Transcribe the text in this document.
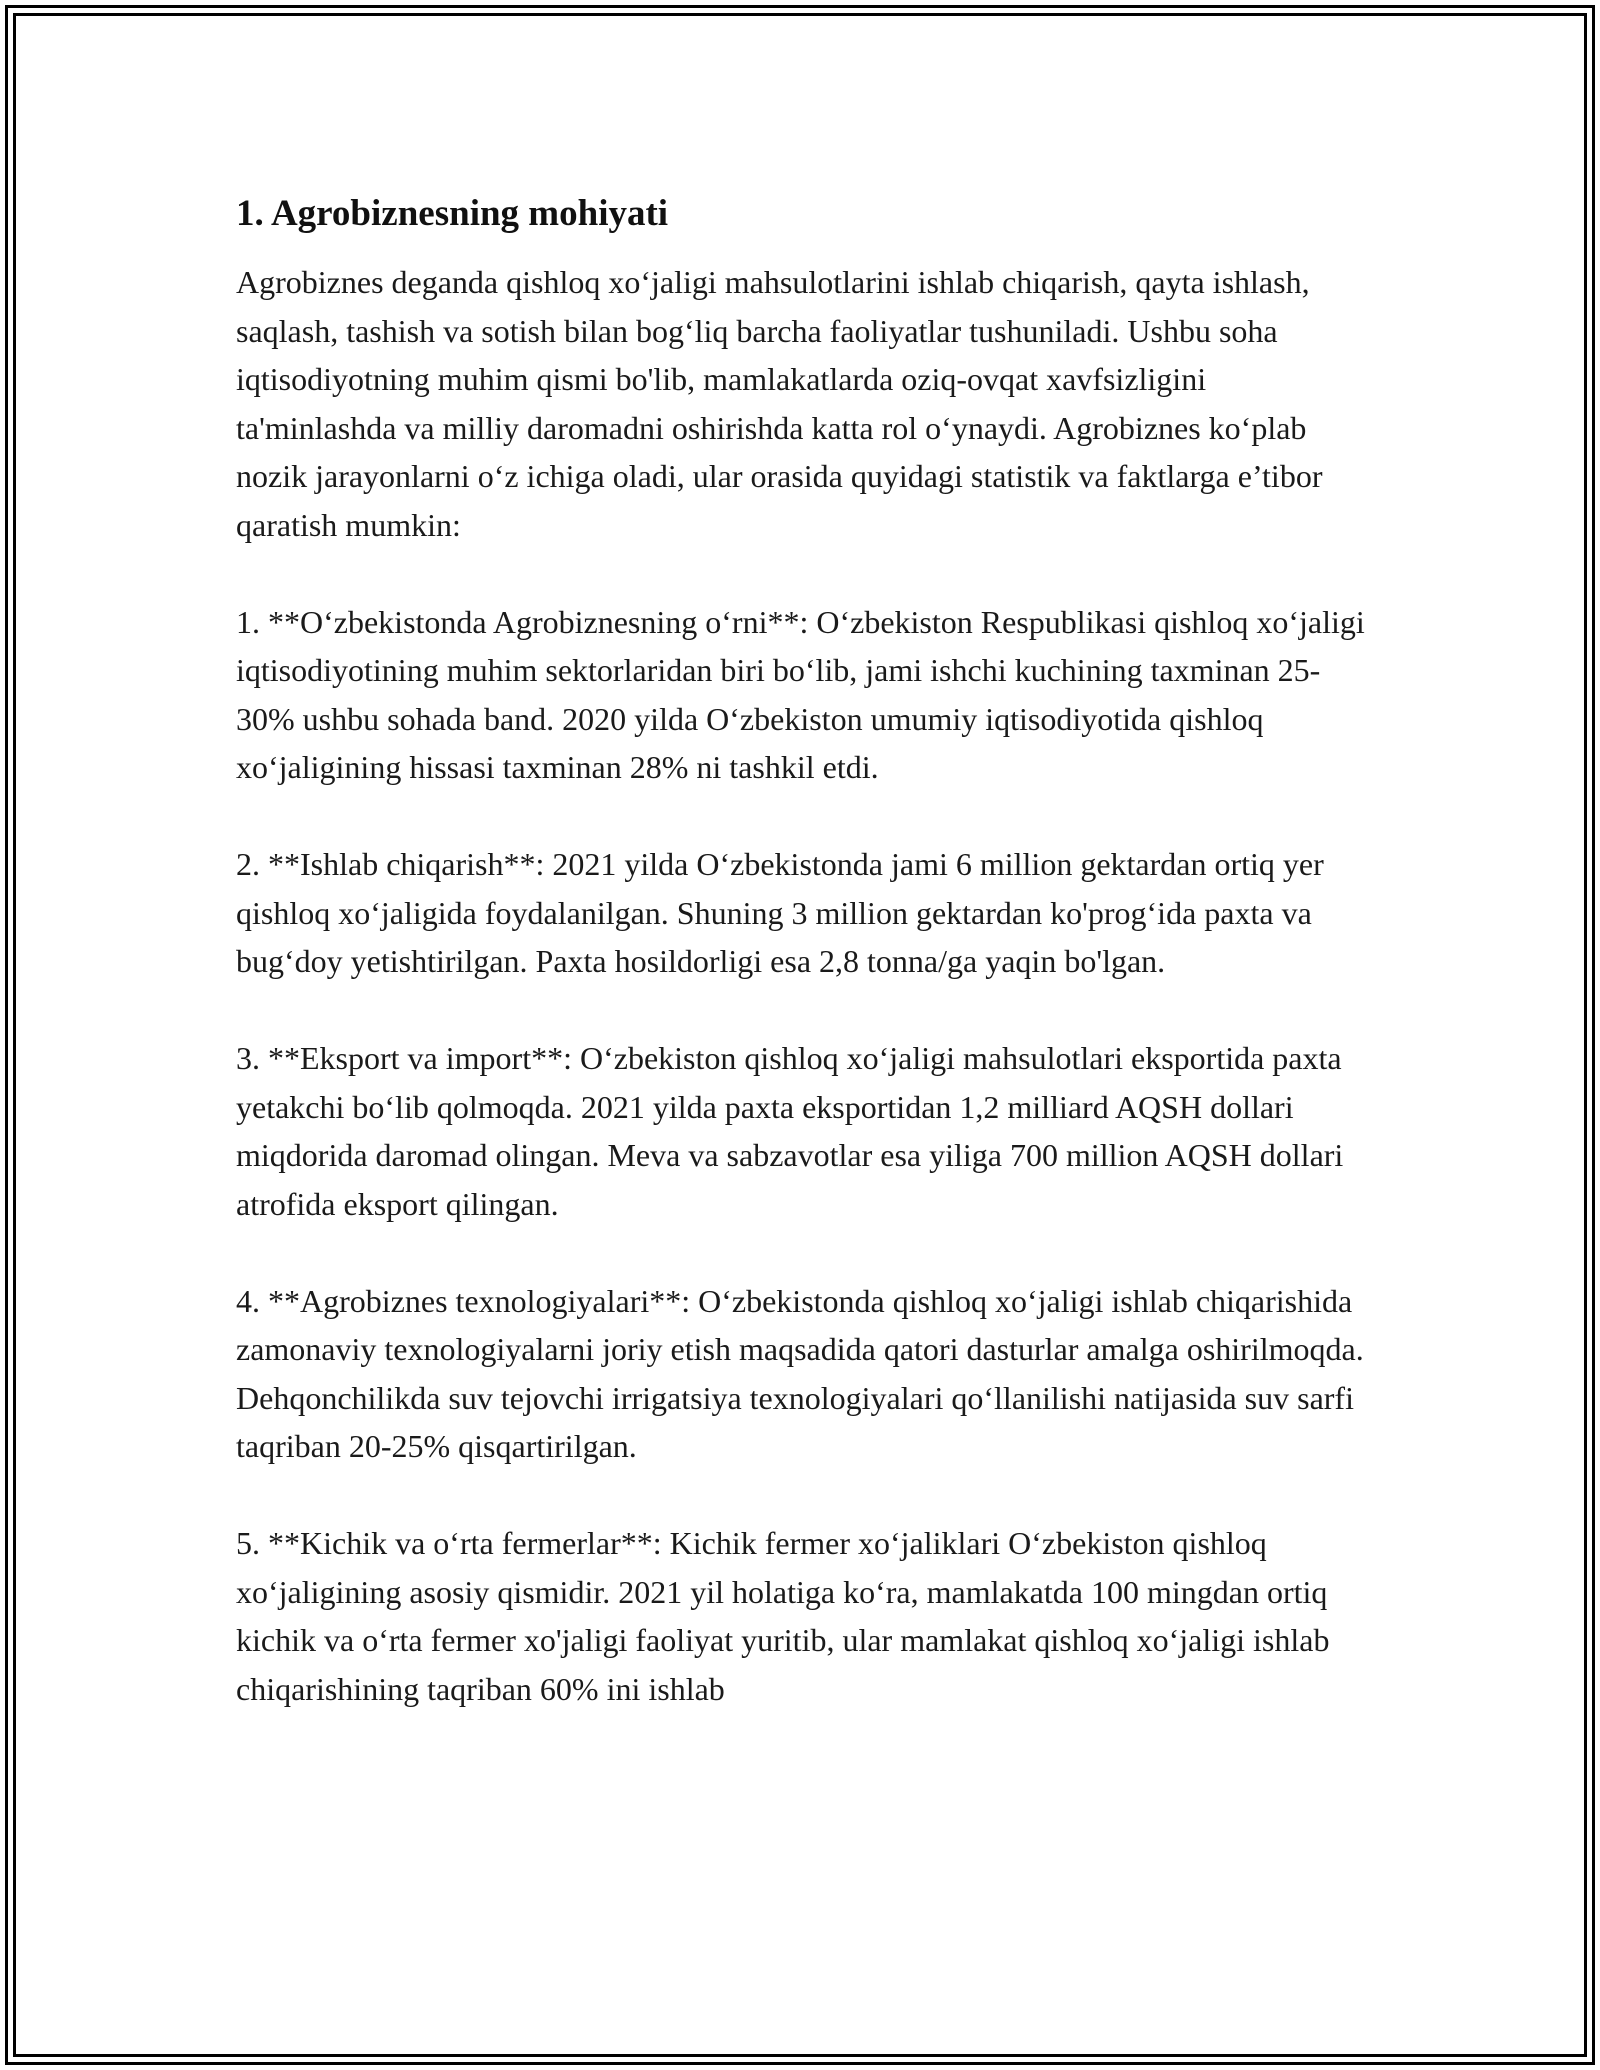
1. Agrobiznesning mohiyati

Agrobiznes deganda qishloq xo‘jaligi mahsulotlarini ishlab chiqarish, qayta ishlash, saqlash, tashish va sotish bilan bog‘liq barcha faoliyatlar tushuniladi. Ushbu soha iqtisodiyotning muhim qismi bo'lib, mamlakatlarda oziq-ovqat xavfsizligini ta'minlashda va milliy daromadni oshirishda katta rol o‘ynaydi. Agrobiznes ko‘plab nozik jarayonlarni o‘z ichiga oladi, ular orasida quyidagi statistik va faktlarga e’tibor qaratish mumkin:

1. **O‘zbekistonda Agrobiznesning o‘rni**: O‘zbekiston Respublikasi qishloq xo‘jaligi iqtisodiyotining muhim sektorlaridan biri bo‘lib, jami ishchi kuchining taxminan 25-30% ushbu sohada band. 2020 yilda O‘zbekiston umumiy iqtisodiyotida qishloq xo‘jaligining hissasi taxminan 28% ni tashkil etdi.

2. **Ishlab chiqarish**: 2021 yilda O‘zbekistonda jami 6 million gektardan ortiq yer qishloq xo‘jaligida foydalanilgan. Shuning 3 million gektardan ko'prog‘ida paxta va bug‘doy yetishtirilgan. Paxta hosildorligi esa 2,8 tonna/ga yaqin bo'lgan.

3. **Eksport va import**: O‘zbekiston qishloq xo‘jaligi mahsulotlari eksportida paxta yetakchi bo‘lib qolmoqda. 2021 yilda paxta eksportidan 1,2 milliard AQSH dollari miqdorida daromad olingan. Meva va sabzavotlar esa yiliga 700 million AQSH dollari atrofida eksport qilingan.

4. **Agrobiznes texnologiyalari**: O‘zbekistonda qishloq xo‘jaligi ishlab chiqarishida zamonaviy texnologiyalarni joriy etish maqsadida qatori dasturlar amalga oshirilmoqda. Dehqonchilikda suv tejovchi irrigatsiya texnologiyalari qo‘llanilishi natijasida suv sarfi taqriban 20-25% qisqartirilgan.

5. **Kichik va o‘rta fermerlar**: Kichik fermer xo‘jaliklari O‘zbekiston qishloq xo‘jaligining asosiy qismidir. 2021 yil holatiga ko‘ra, mamlakatda 100 mingdan ortiq kichik va o‘rta fermer xo'jaligi faoliyat yuritib, ular mamlakat qishloq xo‘jaligi ishlab chiqarishining taqriban 60% ini ishlab
